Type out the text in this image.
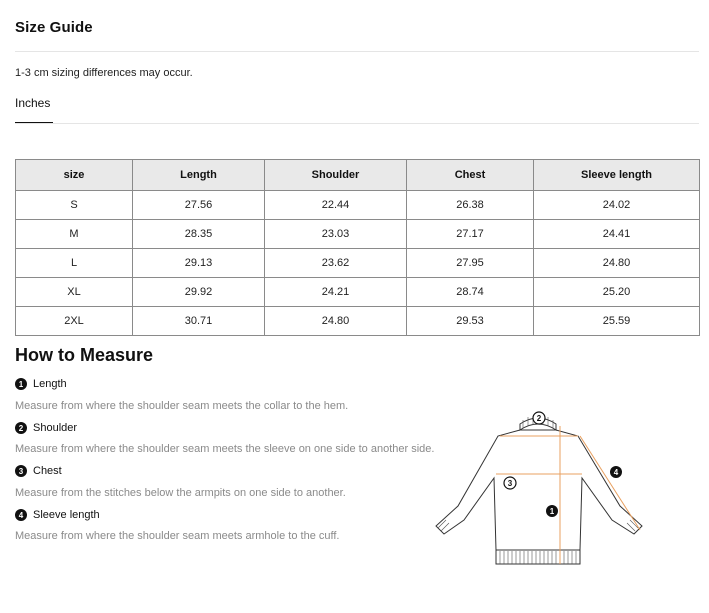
Size Guide
1-3 cm sizing differences may occur.
Inches
size	Length	Shoulder	Chest	Sleeve length
S	27.56	22.44	26.38	24.02
M	28.35	23.03	27.17	24.41
L	29.13	23.62	27.95	24.80
XL	29.92	24.21	28.74	25.20
2XL	30.71	24.80	29.53	25.59
How to Measure
1 Length
Measure from where the shoulder seam meets the collar to the hem.
2 Shoulder
Measure from where the shoulder seam meets the sleeve on one side to another side.
3 Chest
Measure from the stitches below the armpits on one side to another.
4 Sleeve length
Measure from where the shoulder seam meets armhole to the cuff.
2
3
1
4
